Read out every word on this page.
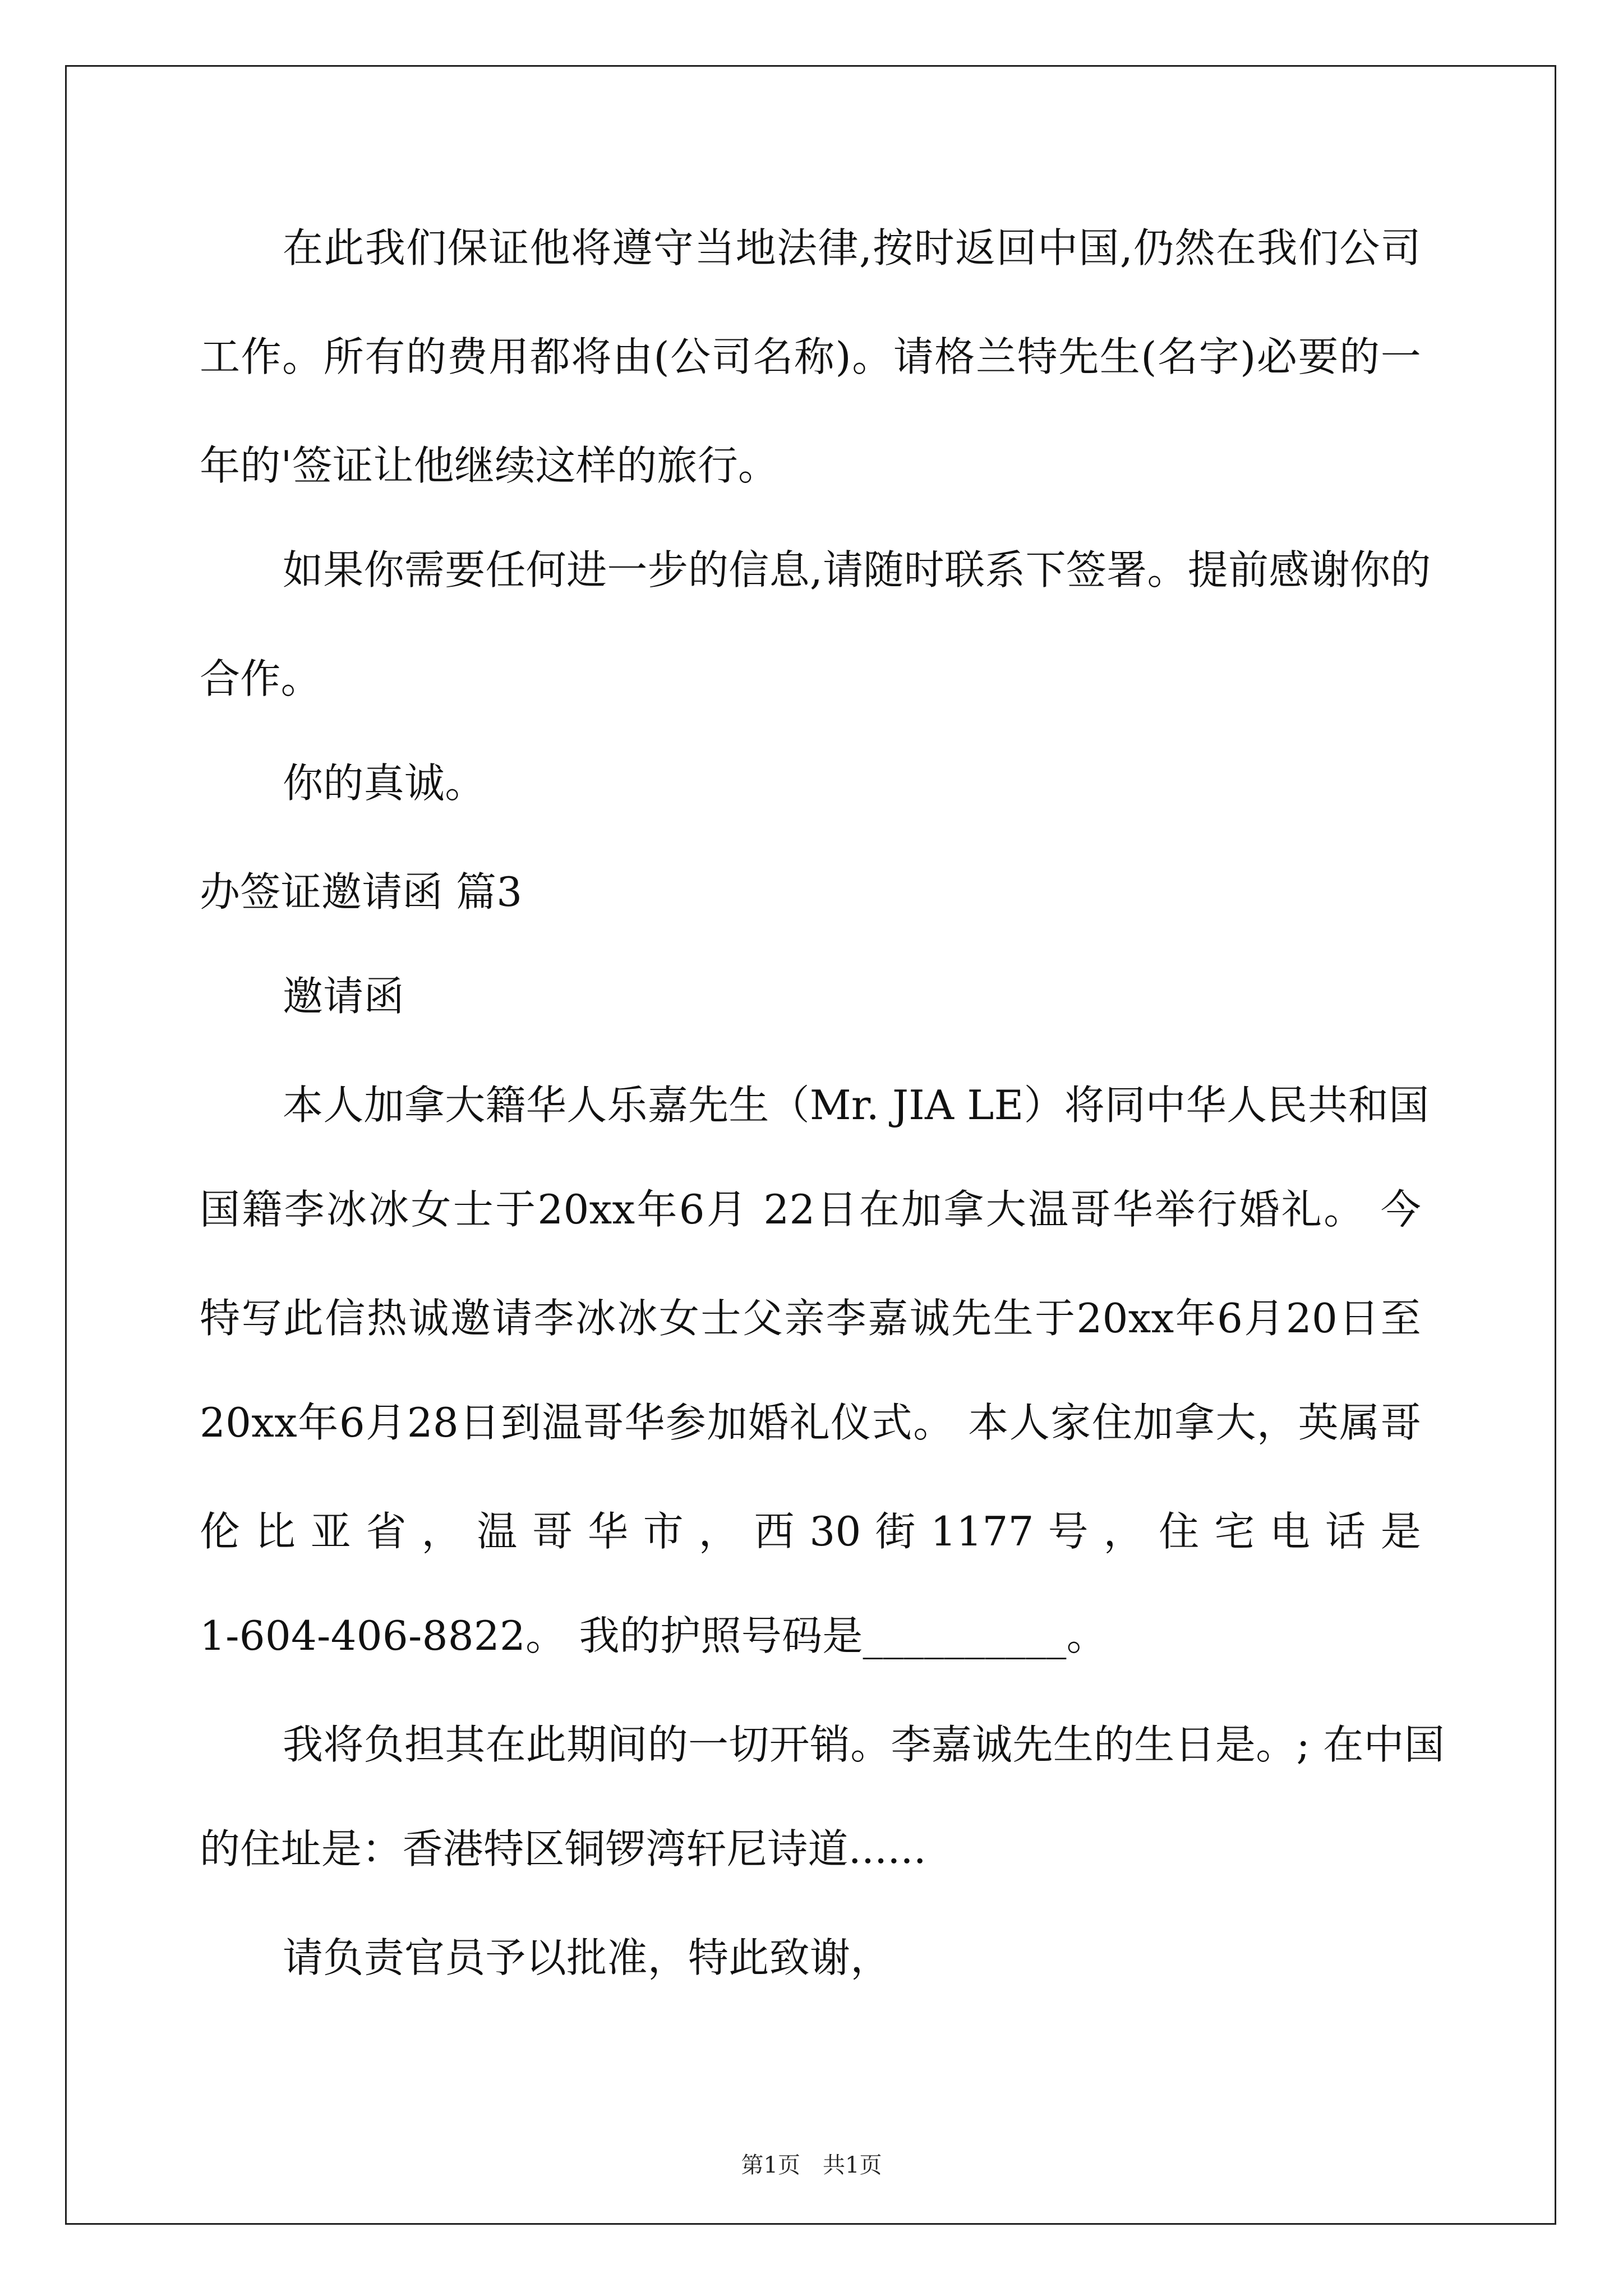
在此我们保证他将遵守当地法律,按时返回中国,仍然在我们公司
工作。所有的费用都将由(公司名称)。请格兰特先生(名字)必要的一
年的'签证让他继续这样的旅行。
如果你需要任何进一步的信息,请随时联系下签署。提前感谢你的
合作。
你的真诚。
办签证邀请函 篇3
邀请函
本人加拿大籍华人乐嘉先生（Mr. JIA LE）将同中华人民共和国
国籍李冰冰女士于20xx年6月 22日在加拿大温哥华举行婚礼。 今
特写此信热诚邀请李冰冰女士父亲李嘉诚先生于20xx年6月20日至
20xx年6月28日到温哥华参加婚礼仪式。 本人家住加拿大，英属哥
伦 比 亚 省 ， 温 哥 华 市 ， 西 30 街 1177 号 ， 住 宅 电 话 是
1-604-406-8822。 我的护照号码是__________。
我将负担其在此期间的一切开销。李嘉诚先生的生日是。; 在中国
的住址是：香港特区铜锣湾轩尼诗道......
请负责官员予以批准，特此致谢，
第1页　共1页
